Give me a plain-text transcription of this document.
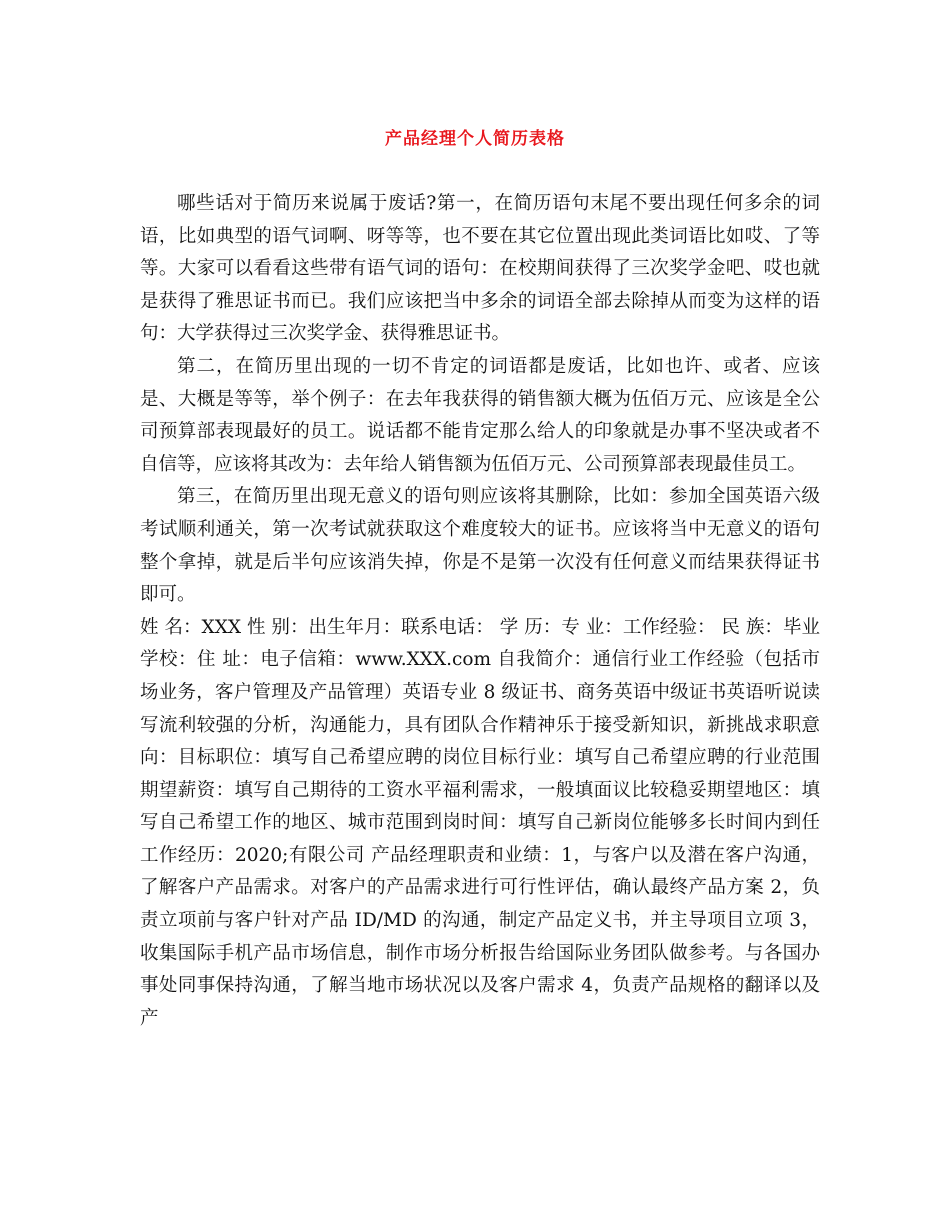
产品经理个人简历表格

哪些话对于简历来说属于废话?第一，在简历语句末尾不要出现任何多余的词语，比如典型的语气词啊、呀等等，也不要在其它位置出现此类词语比如哎、了等等。大家可以看看这些带有语气词的语句：在校期间获得了三次奖学金吧、哎也就是获得了雅思证书而已。我们应该把当中多余的词语全部去除掉从而变为这样的语句：大学获得过三次奖学金、获得雅思证书。

第二，在简历里出现的一切不肯定的词语都是废话，比如也许、或者、应该是、大概是等等，举个例子：在去年我获得的销售额大概为伍佰万元、应该是全公司预算部表现最好的员工。说话都不能肯定那么给人的印象就是办事不坚决或者不自信等，应该将其改为：去年给人销售额为伍佰万元、公司预算部表现最佳员工。

第三，在简历里出现无意义的语句则应该将其删除，比如：参加全国英语六级考试顺利通关，第一次考试就获取这个难度较大的证书。应该将当中无意义的语句整个拿掉，就是后半句应该消失掉，你是不是第一次没有任何意义而结果获得证书即可。

姓 名：XXX 性 别：出生年月：联系电话： 学 历：专 业：工作经验： 民 族：毕业学校：住 址：电子信箱：www.XXX.com 自我简介：通信行业工作经验（包括市场业务，客户管理及产品管理）英语专业 8 级证书、商务英语中级证书英语听说读写流利较强的分析，沟通能力，具有团队合作精神乐于接受新知识，新挑战求职意向：目标职位：填写自己希望应聘的岗位目标行业：填写自己希望应聘的行业范围期望薪资：填写自己期待的工资水平福利需求，一般填面议比较稳妥期望地区：填写自己希望工作的地区、城市范围到岗时间：填写自己新岗位能够多长时间内到任工作经历：2020;有限公司 产品经理职责和业绩：1，与客户以及潜在客户沟通，了解客户产品需求。对客户的产品需求进行可行性评估，确认最终产品方案 2，负责立项前与客户针对产品 ID/MD 的沟通，制定产品定义书，并主导项目立项 3，收集国际手机产品市场信息，制作市场分析报告给国际业务团队做参考。与各国办事处同事保持沟通，了解当地市场状况以及客户需求 4，负责产品规格的翻译以及产
